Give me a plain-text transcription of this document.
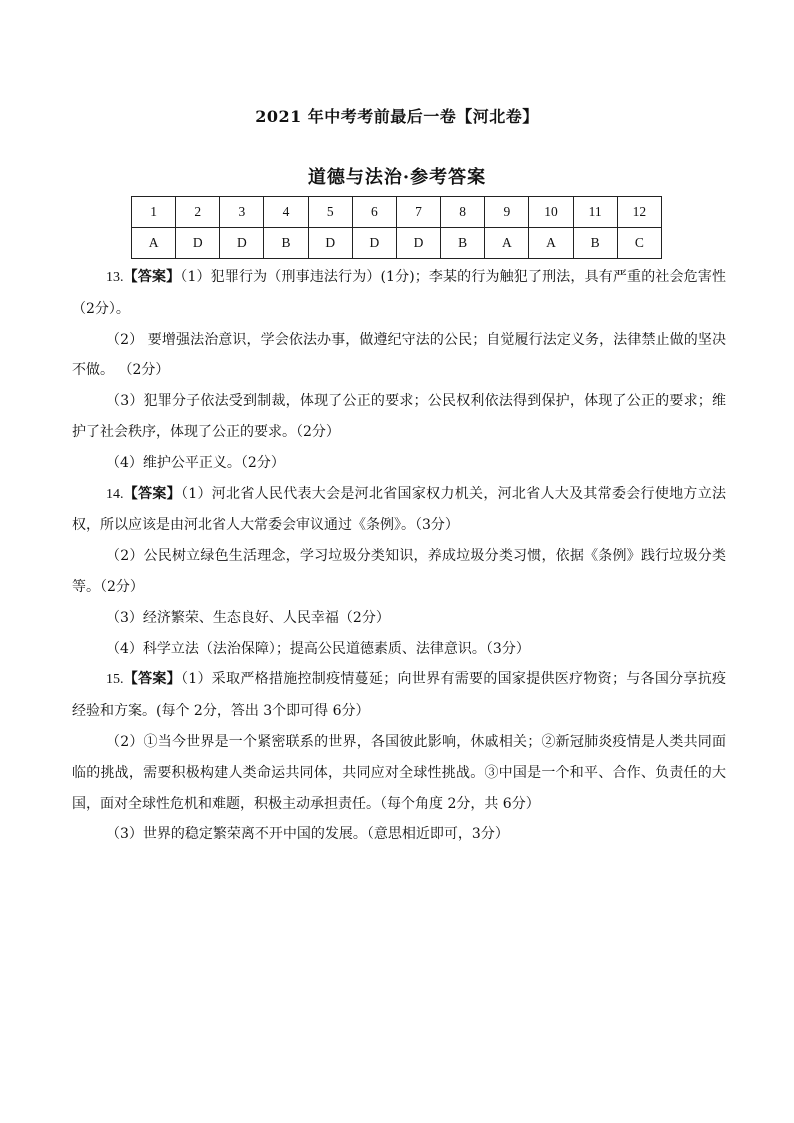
2021 年中考考前最后一卷【河北卷】
道德与法治·参考答案
1	2	3	4	5	6	7	8	9	10	11	12
A	D	D	B	D	D	D	B	A	A	B	C

13.【答案】（1）犯罪行为（刑事违法行为）(1分)；李某的行为触犯了刑法，具有严重的社会危害性（2分）。

（2） 要增强法治意识，学会依法办事，做遵纪守法的公民；自觉履行法定义务，法律禁止做的坚决不做。 （2分）

（3）犯罪分子依法受到制裁，体现了公正的要求；公民权利依法得到保护，体现了公正的要求；维护了社会秩序，体现了公正的要求。（2分）

（4）维护公平正义。（2分）

14.【答案】（1）河北省人民代表大会是河北省国家权力机关，河北省人大及其常委会行使地方立法权，所以应该是由河北省人大常委会审议通过《条例》。（3分）

（2）公民树立绿色生活理念，学习垃圾分类知识，养成垃圾分类习惯，依据《条例》践行垃圾分类等。（2分）

（3）经济繁荣、生态良好、人民幸福（2分）

（4）科学立法（法治保障）；提高公民道德素质、法律意识。（3分）

15.【答案】（1）采取严格措施控制疫情蔓延；向世界有需要的国家提供医疗物资；与各国分享抗疫经验和方案。(每个 2分，答出 3个即可得 6分）

（2）①当今世界是一个紧密联系的世界，各国彼此影响，休戚相关；②新冠肺炎疫情是人类共同面临的挑战，需要积极构建人类命运共同体，共同应对全球性挑战。③中国是一个和平、合作、负责任的大国，面对全球性危机和难题，积极主动承担责任。（每个角度 2分，共 6分）

（3）世界的稳定繁荣离不开中国的发展。（意思相近即可，3分）
